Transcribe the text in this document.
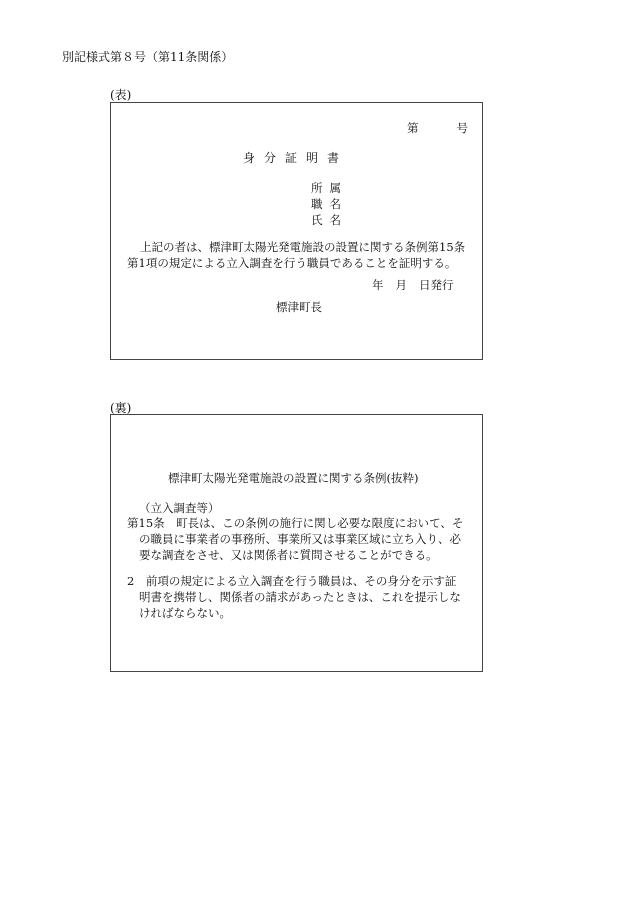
別記様式第８号（第11条関係）
(表)
第	号
身分証明書
所属
職名
氏名
上記の者は、標津町太陽光発電施設の設置に関する条例第15条
第1項の規定による立入調査を行う職員であることを証明する。
年 月 日発行
標津町長
(裏)
標津町太陽光発電施設の設置に関する条例(抜粋)
（立入調査等）
第15条　町長は、この条例の施行に関し必要な限度において、そ
の職員に事業者の事務所、事業所又は事業区域に立ち入り、必
要な調査をさせ、又は関係者に質問させることができる。
2　前項の規定による立入調査を行う職員は、その身分を示す証
明書を携帯し、関係者の請求があったときは、これを提示しな
ければならない。
